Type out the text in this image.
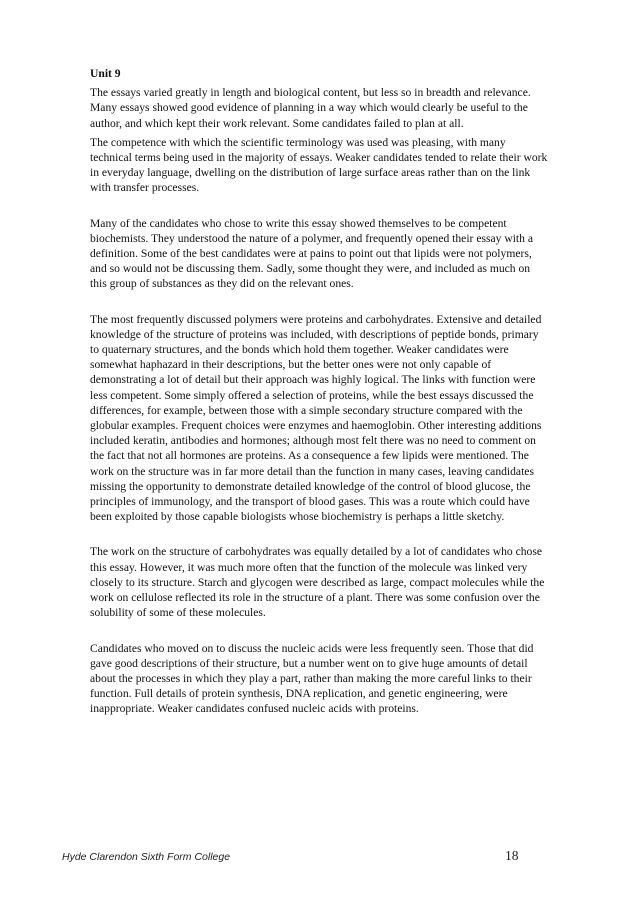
Unit 9

The essays varied greatly in length and biological content, but less so in breadth and relevance. Many essays showed good evidence of planning in a way which would clearly be useful to the author, and which kept their work relevant. Some candidates failed to plan at all.

The competence with which the scientific terminology was used was pleasing, with many technical terms being used in the majority of essays. Weaker candidates tended to relate their work in everyday language, dwelling on the distribution of large surface areas rather than on the link with transfer processes.

Many of the candidates who chose to write this essay showed themselves to be competent biochemists. They understood the nature of a polymer, and frequently opened their essay with a definition. Some of the best candidates were at pains to point out that lipids were not polymers, and so would not be discussing them. Sadly, some thought they were, and included as much on this group of substances as they did on the relevant ones.

The most frequently discussed polymers were proteins and carbohydrates. Extensive and detailed knowledge of the structure of proteins was included, with descriptions of peptide bonds, primary to quaternary structures, and the bonds which hold them together. Weaker candidates were somewhat haphazard in their descriptions, but the better ones were not only capable of demonstrating a lot of detail but their approach was highly logical. The links with function were less competent. Some simply offered a selection of proteins, while the best essays discussed the differences, for example, between those with a simple secondary structure compared with the globular examples. Frequent choices were enzymes and haemoglobin. Other interesting additions included keratin, antibodies and hormones; although most felt there was no need to comment on the fact that not all hormones are proteins. As a consequence a few lipids were mentioned. The work on the structure was in far more detail than the function in many cases, leaving candidates missing the opportunity to demonstrate detailed knowledge of the control of blood glucose, the principles of immunology, and the transport of blood gases. This was a route which could have been exploited by those capable biologists whose biochemistry is perhaps a little sketchy.

The work on the structure of carbohydrates was equally detailed by a lot of candidates who chose this essay. However, it was much more often that the function of the molecule was linked very closely to its structure. Starch and glycogen were described as large, compact molecules while the work on cellulose reflected its role in the structure of a plant. There was some confusion over the solubility of some of these molecules.

Candidates who moved on to discuss the nucleic acids were less frequently seen. Those that did gave good descriptions of their structure, but a number went on to give huge amounts of detail about the processes in which they play a part, rather than making the more careful links to their function. Full details of protein synthesis, DNA replication, and genetic engineering, were inappropriate. Weaker candidates confused nucleic acids with proteins.

Hyde Clarendon Sixth Form College	18
